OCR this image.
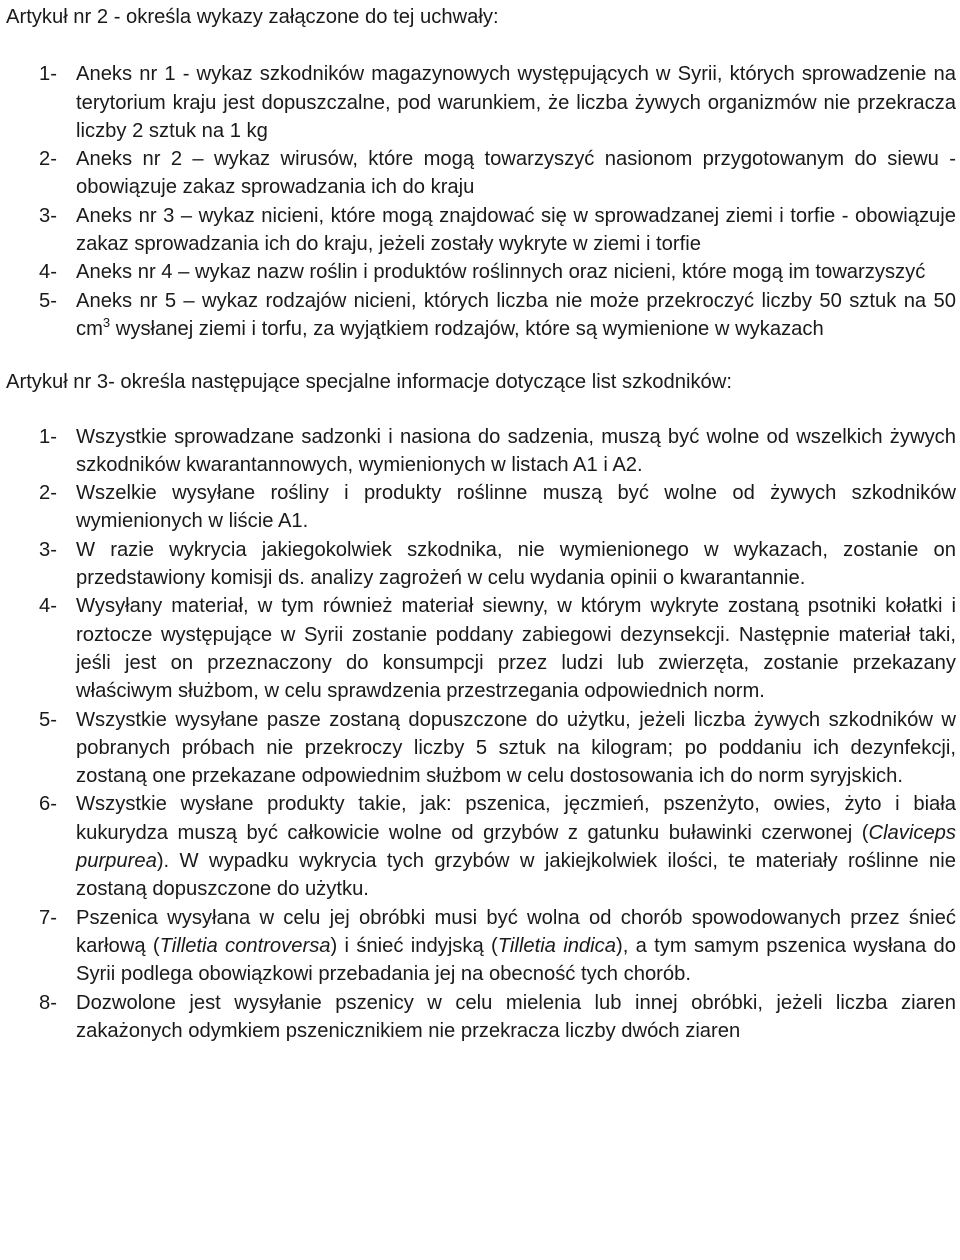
Artykuł nr 2 - określa wykazy załączone do tej uchwały:

1- Aneks nr 1 - wykaz szkodników magazynowych występujących w Syrii, których sprowadzenie na terytorium kraju jest dopuszczalne, pod warunkiem, że liczba żywych organizmów nie przekracza liczby 2 sztuk na 1 kg
2- Aneks nr 2 – wykaz wirusów, które mogą towarzyszyć nasionom przygotowanym do siewu - obowiązuje zakaz sprowadzania ich do kraju
3- Aneks nr 3 – wykaz nicieni, które mogą znajdować się w sprowadzanej ziemi i torfie - obowiązuje zakaz sprowadzania ich do kraju, jeżeli zostały wykryte w ziemi i torfie
4- Aneks nr 4 – wykaz nazw roślin i produktów roślinnych oraz nicieni, które mogą im towarzyszyć
5- Aneks nr 5 – wykaz rodzajów nicieni, których liczba nie może przekroczyć liczby 50 sztuk na 50 $cm^3$ wysłanej ziemi i torfu, za wyjątkiem rodzajów, które są wymienione w wykazach

Artykuł nr 3- określa następujące specjalne informacje dotyczące list szkodników:

1- Wszystkie sprowadzane sadzonki i nasiona do sadzenia, muszą być wolne od wszelkich żywych szkodników kwarantannowych, wymienionych w listach A1 i A2.
2- Wszelkie wysyłane rośliny i produkty roślinne muszą być wolne od żywych szkodników wymienionych w liście A1.
3- W razie wykrycia jakiegokolwiek szkodnika, nie wymienionego w wykazach, zostanie on przedstawiony komisji ds. analizy zagrożeń w celu wydania opinii o kwarantannie.
4- Wysyłany materiał, w tym również materiał siewny, w którym wykryte zostaną psotniki kołatki i roztocze występujące w Syrii zostanie poddany zabiegowi dezynsekcji. Następnie materiał taki, jeśli jest on przeznaczony do konsumpcji przez ludzi lub zwierzęta, zostanie przekazany właściwym służbom, w celu sprawdzenia przestrzegania odpowiednich norm.
5- Wszystkie wysyłane pasze zostaną dopuszczone do użytku, jeżeli liczba żywych szkodników w pobranych próbach nie przekroczy liczby 5 sztuk na kilogram; po poddaniu ich dezynfekcji, zostaną one przekazane odpowiednim służbom w celu dostosowania ich do norm syryjskich.
6- Wszystkie wysłane produkty takie, jak: pszenica, jęczmień, pszenżyto, owies, żyto i biała kukurydza muszą być całkowicie wolne od grzybów z gatunku buławinki czerwonej (Claviceps purpurea). W wypadku wykrycia tych grzybów w jakiejkolwiek ilości, te materiały roślinne nie zostaną dopuszczone do użytku.
7- Pszenica wysyłana w celu jej obróbki musi być wolna od chorób spowodowanych przez śnieć karłową (Tilletia controversa) i śnieć indyjską (Tilletia indica), a tym samym pszenica wysłana do Syrii podlega obowiązkowi przebadania jej na obecność tych chorób.
8- Dozwolone jest wysyłanie pszenicy w celu mielenia lub innej obróbki, jeżeli liczba ziaren zakażonych odymkiem pszenicznikiem nie przekracza liczby dwóch ziaren
